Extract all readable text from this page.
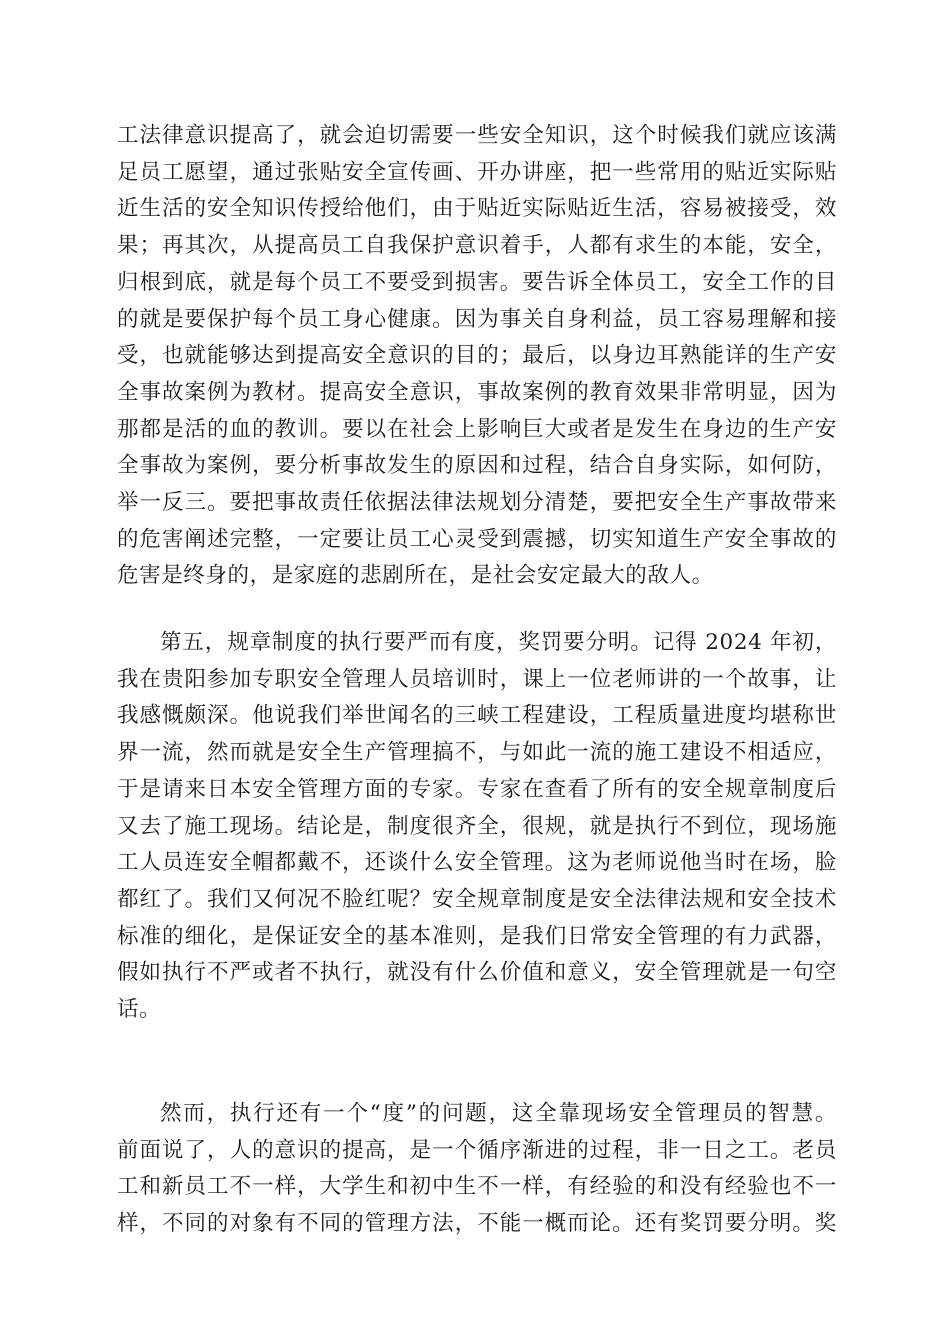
工法律意识提高了，就会迫切需要一些安全知识，这个时候我们就应该满
足员工愿望，通过张贴安全宣传画、开办讲座，把一些常用的贴近实际贴
近生活的安全知识传授给他们，由于贴近实际贴近生活，容易被接受，效
果；再其次，从提高员工自我保护意识着手，人都有求生的本能，安全，
归根到底，就是每个员工不要受到损害。要告诉全体员工，安全工作的目
的就是要保护每个员工身心健康。因为事关自身利益，员工容易理解和接
受，也就能够达到提高安全意识的目的；最后，以身边耳熟能详的生产安
全事故案例为教材。提高安全意识，事故案例的教育效果非常明显，因为
那都是活的血的教训。要以在社会上影响巨大或者是发生在身边的生产安
全事故为案例，要分析事故发生的原因和过程，结合自身实际，如何防，
举一反三。要把事故责任依据法律法规划分清楚，要把安全生产事故带来
的危害阐述完整，一定要让员工心灵受到震撼，切实知道生产安全事故的
危害是终身的，是家庭的悲剧所在，是社会安定最大的敌人。

第五，规章制度的执行要严而有度，奖罚要分明。记得 2024 年初，
我在贵阳参加专职安全管理人员培训时，课上一位老师讲的一个故事，让
我感慨颇深。他说我们举世闻名的三峡工程建设，工程质量进度均堪称世
界一流，然而就是安全生产管理搞不，与如此一流的施工建设不相适应，
于是请来日本安全管理方面的专家。专家在查看了所有的安全规章制度后
又去了施工现场。结论是，制度很齐全，很规，就是执行不到位，现场施
工人员连安全帽都戴不，还谈什么安全管理。这为老师说他当时在场，脸
都红了。我们又何况不脸红呢？安全规章制度是安全法律法规和安全技术
标准的细化，是保证安全的基本准则，是我们日常安全管理的有力武器，
假如执行不严或者不执行，就没有什么价值和意义，安全管理就是一句空
话。

然而，执行还有一个“度”的问题，这全靠现场安全管理员的智慧。
前面说了，人的意识的提高，是一个循序渐进的过程，非一日之工。老员
工和新员工不一样，大学生和初中生不一样，有经验的和没有经验也不一
样，不同的对象有不同的管理方法，不能一概而论。还有奖罚要分明。奖
